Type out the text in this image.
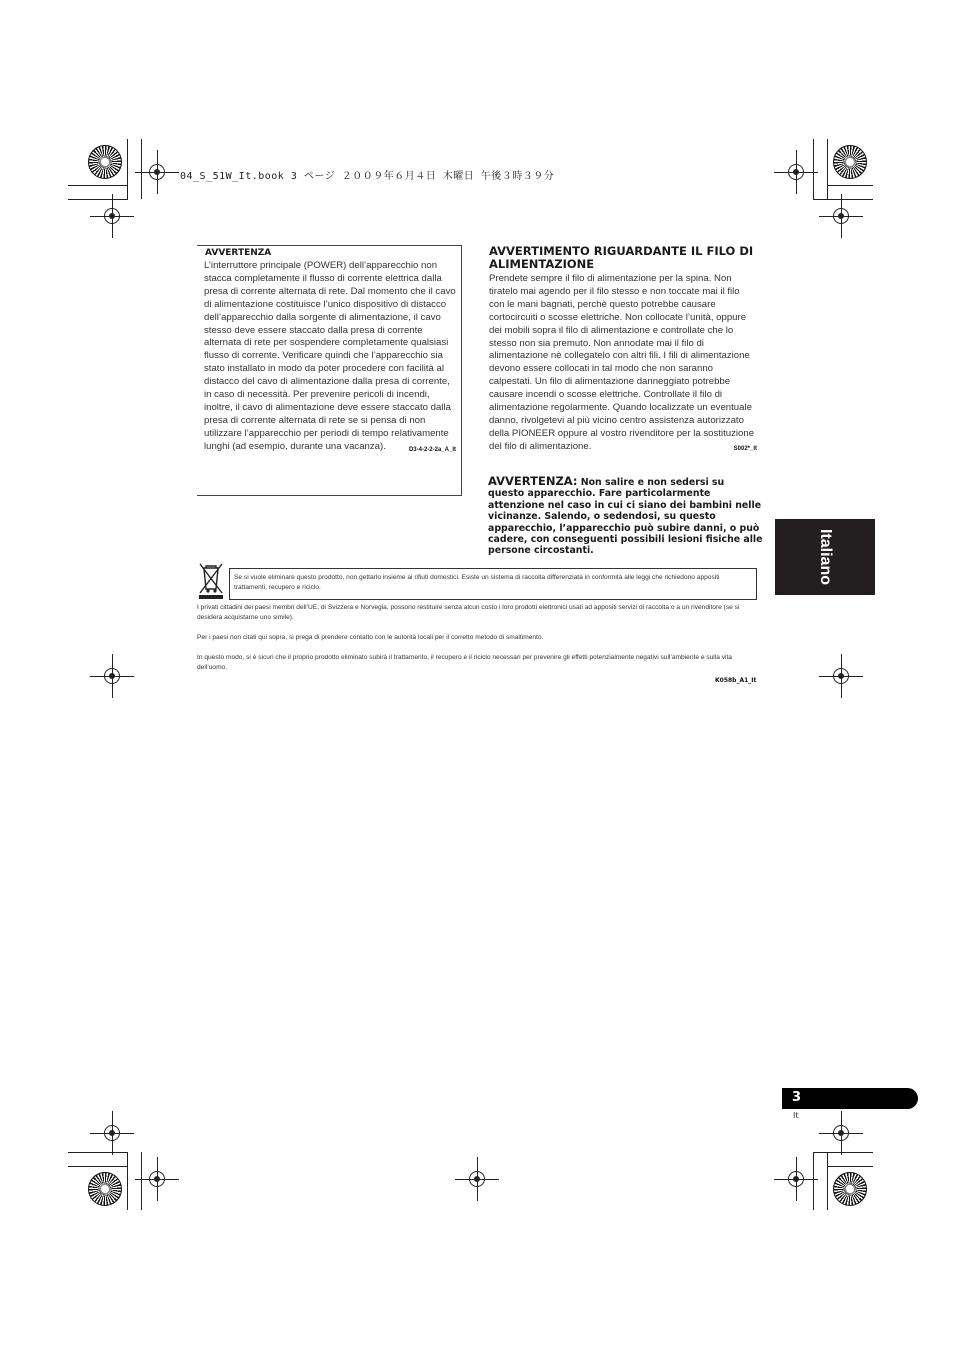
04_S_51W_It.book 3 ページ ２００９年６月４日 木曜日 午後３時３９分
AVVERTENZA
L’interruttore principale (POWER) dell’apparecchio non stacca completamente il flusso di corrente elettrica dalla presa di corrente alternata di rete. Dal momento che il cavo di alimentazione costituisce l’unico dispositivo di distacco dell’apparecchio dalla sorgente di alimentazione, il cavo stesso deve essere staccato dalla presa di corrente alternata di rete per sospendere completamente qualsiasi flusso di corrente. Verificare quindi che l’apparecchio sia stato installato in modo da poter procedere con facilità al distacco del cavo di alimentazione dalla presa di corrente, in caso di necessità. Per prevenire pericoli di incendi, inoltre, il cavo di alimentazione deve essere staccato dalla presa di corrente alternata di rete se si pensa di non utilizzare l’apparecchio per periodi di tempo relativamente lunghi (ad esempio, durante una vacanza).	D3-4-2-2-2a_A_It
AVVERTIMENTO RIGUARDANTE IL FILO DI ALIMENTAZIONE
Prendete sempre il filo di alimentazione per la spina. Non tiratelo mai agendo per il filo stesso e non toccate mai il filo con le mani bagnati, perchè questo potrebbe causare cortocircuiti o scosse elettriche. Non collocate l’unità, oppure dei mobili sopra il filo di alimentazione e controllate che lo stesso non sia premuto. Non annodate mai il filo di alimentazione nè collegatelo con altri fili. I fili di alimentazione devono essere collocati in tal modo che non saranno calpestati. Un filo di alimentazione danneggiato potrebbe causare incendi o scosse elettriche. Controllate il filo di alimentazione regolarmente. Quando localizzate un eventuale danno, rivolgetevi al più vicino centro assistenza autorizzato della PIONEER oppure al vostro rivenditore per la sostituzione del filo di alimentazione.	S002*_It
AVVERTENZA: Non salire e non sedersi su questo apparecchio. Fare particolarmente attenzione nel caso in cui ci siano dei bambini nelle vicinanze. Salendo, o sedendosi, su questo apparecchio, l’apparecchio può subire danni, o può cadere, con conseguenti possibili lesioni fisiche alle persone circostanti.	Italiano
Se si vuole eliminare questo prodotto, non gettarlo insieme ai rifiuti domestici. Esiste un sistema di raccolta differenziata in conformità alle leggi che richiedono appositi trattamenti, recupero e riciclo.
I privati cittadini dei paesi membri dell’UE, di Svizzera e Norvegia, possono restituire senza alcun costo i loro prodotti elettronici usati ad appositi servizi di raccolta o a un rivenditore (se si desidera acquistarne uno simile).
Per i paesi non citati qui sopra, si prega di prendere contatto con le autorità locali per il corretto metodo di smaltimento.
In questo modo, si è sicuri che il proprio prodotto eliminato subirà il trattamento, il recupero e il riciclo necessari per prevenire gli effetti potenzialmente negativi sull’ambiente e sulla vita dell’uomo.
K058b_A1_It
3
It
